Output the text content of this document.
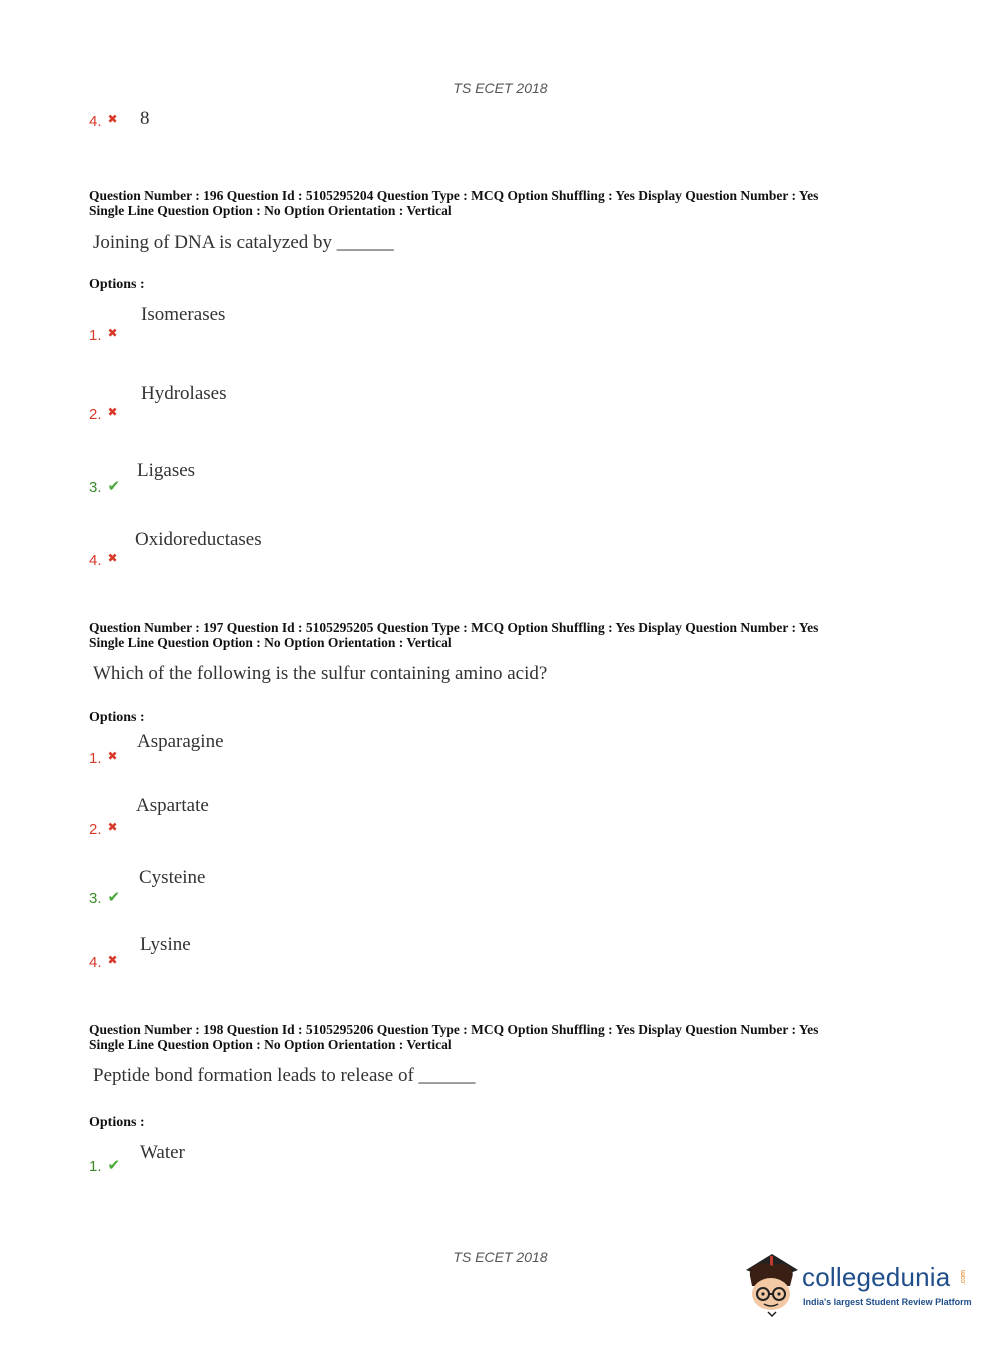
TS ECET 2018
4. ✖ 8
Question Number : 196 Question Id : 5105295204 Question Type : MCQ Option Shuffling : Yes Display Question Number : Yes
Single Line Question Option : No Option Orientation : Vertical
Joining of DNA is catalyzed by ______
Options :
Isomerases
1. ✖
Hydrolases
2. ✖
Ligases
3. ✔
Oxidoreductases
4. ✖
Question Number : 197 Question Id : 5105295205 Question Type : MCQ Option Shuffling : Yes Display Question Number : Yes
Single Line Question Option : No Option Orientation : Vertical
Which of the following is the sulfur containing amino acid?
Options :
Asparagine
1. ✖
Aspartate
2. ✖
Cysteine
3. ✔
Lysine
4. ✖
Question Number : 198 Question Id : 5105295206 Question Type : MCQ Option Shuffling : Yes Display Question Number : Yes
Single Line Question Option : No Option Orientation : Vertical
Peptide bond formation leads to release of ______
Options :
Water
1. ✔
TS ECET 2018
collegedunia .com
India's largest Student Review Platform
